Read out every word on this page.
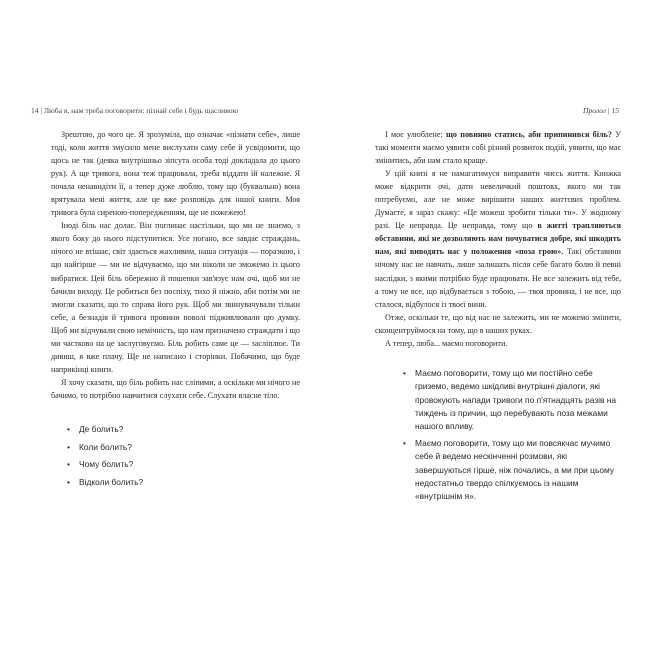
14 | Люба я, нам треба поговорити: пізнай себе і будь щасливою

Зрештою, до чого це. Я зрозуміла, що означає «пізнати себе», лише тоді, коли життя змусило мене вислухати саму себе й усвідомити, що щось не так (деяка внутрішньо зіпсута особа тоді докладала до цього рук). А ще тривога, вона теж працювала, треба віддати їй належне. Я почала ненавидіти її, а тепер дуже люблю, тому що (буквально) вона врятувала мені життя, але це вже розповідь для іншої книги. Моя тривога була сиреною-попередженням, ще не пожежею!

Іноді біль нас долає. Він поглинає настільки, що ми не знаємо, з якого боку до нього підступитися. Усе погано, все завдає страждань, нічого не втішає, світ здається жахливим, наша ситуація — поразкою, і що найгірше — ми не відчуваємо, що ми ніколи не зможемо із цього вибратися. Цей біль обережно й пошепки зав'язує нам очі, щоб ми не бачили виходу. Це робиться без поспіху, тихо й ніжно, аби потім ми не змогли сказати, що то справа його рук. Щоб ми звинувачували тільки себе, а безнадія й тривога провини поволі підживлювали цю думку. Щоб ми відчували свою немічність, що нам призначено страждати і що ми частково на це заслуговуємо. Біль робить саме це — засліплює. Ти дивиш, я вже плачу. Ще не написано і сторінки. Побачимо, що буде наприкінці книги.

Я хочу сказати, що біль робить нас сліпими, а оскільки ми нічого не бачимо, то потрібно навчитися слухати себе. Слухати власне тіло.

• Де болить?
• Коли болить?
• Чому болить?
• Відколи болить?
Пролог | 15

І моє улюблене: що повинно статись, аби припинився біль? У такі моменти маємо уявити собі різний розвиток подій, уявити, що має змінитись, аби нам стало краще.

У цій книзі я не намагатимуся виправити чиєсь життя. Книжка може відкрити очі, дати невеличкий поштовх, якого ми так потребуємо, але не може вирішити наших життєвих проблем. Думаєте, я зараз скажу: «Це можеш зробити тільки ти». У жодному разі. Це неправда. Це неправда, тому що в житті трапляються обставини, які не дозволяють нам почуватися добре, які шкодять нам, які виводять нас у положення «поза грою». Такі обставини нічому нас не навчать, лише залишать після себе багато болю й певні наслідки, з якими потрібно буде працювати. Не все залежить від тебе, а тому не все, що відбувається з тобою, — твоя провина, і не все, що сталося, відбулося із твоєї вини.

Отже, оскільки те, що від нас не залежить, ми не можемо змінити, сконцентруймося на тому, що в наших руках.

А тепер, люба... маємо поговорити.

• Маємо поговорити, тому що ми постійно себе гриземо, ведемо шкідливі внутрішні діалоги, які провокують напади тривоги по п'ятнадцять разів на тиждень із причин, що перебувають поза межами нашого впливу.
• Маємо поговорити, тому що ми повсякчас мучимо себе й ведемо нескінченні розмови, які завершуються гірше, ніж почались, а ми при цьому недостатньо твердо спілкуємось із нашим «внутрішнім я».
